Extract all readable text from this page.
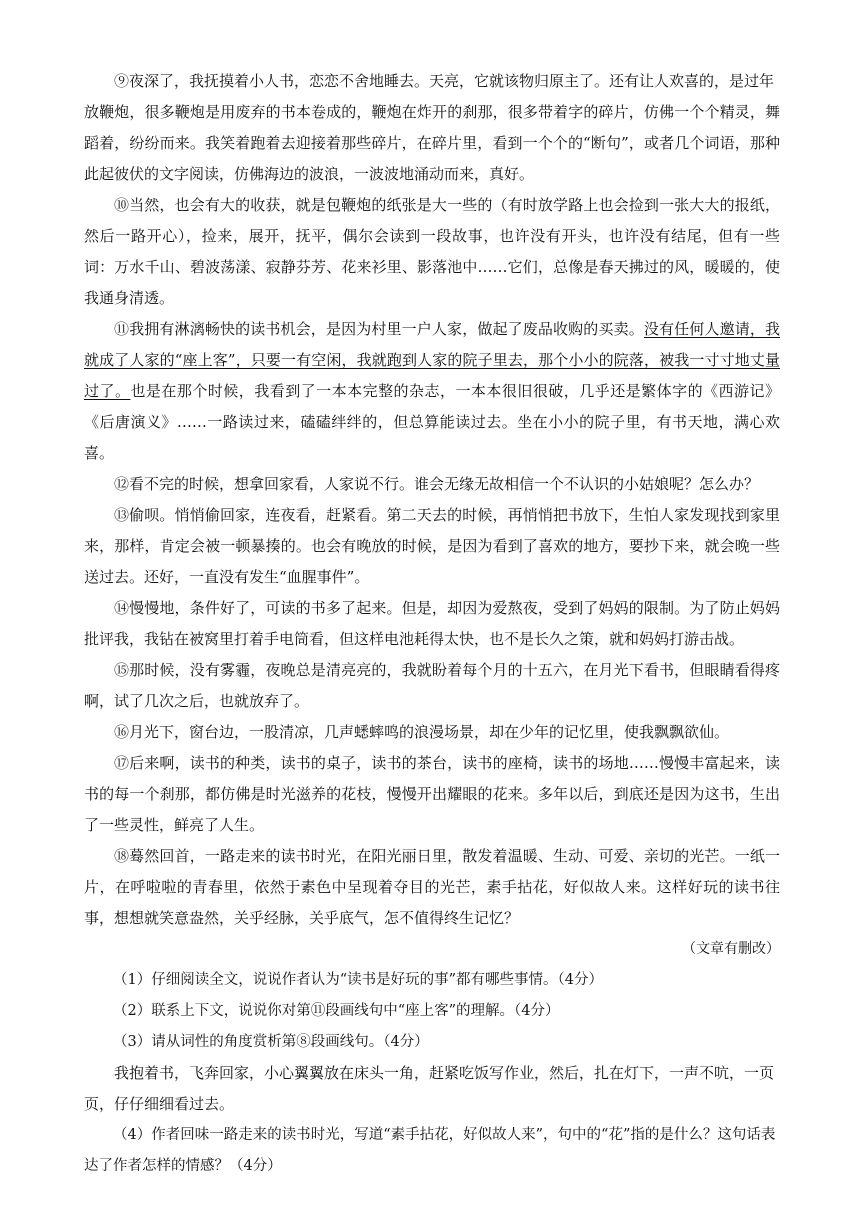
⑨夜深了，我抚摸着小人书，恋恋不舍地睡去。天亮，它就该物归原主了。还有让人欢喜的，是过年

放鞭炮，很多鞭炮是用废弃的书本卷成的，鞭炮在炸开的刹那，很多带着字的碎片，仿佛一个个精灵，舞蹈着，纷纷而来。我笑着跑着去迎接着那些碎片，在碎片里，看到一个个的“断句”，或者几个词语，那种此起彼伏的文字阅读，仿佛海边的波浪，一波波地涌动而来，真好。

⑩当然，也会有大的收获，就是包鞭炮的纸张是大一些的（有时放学路上也会捡到一张大大的报纸，然后一路开心），捡来，展开，抚平，偶尔会读到一段故事，也许没有开头，也许没有结尾，但有一些词：万水千山、碧波荡漾、寂静芬芳、花来衫里、影落池中……它们，总像是春天拂过的风，暖暖的，使我通身清透。

⑪我拥有淋漓畅快的读书机会，是因为村里一户人家，做起了废品收购的买卖。没有任何人邀请，我就成了人家的“座上客”，只要一有空闲，我就跑到人家的院子里去，那个小小的院落，被我一寸寸地丈量过了。也是在那个时候，我看到了一本本完整的杂志，一本本很旧很破，几乎还是繁体字的《西游记》《后唐演义》……一路读过来，磕磕绊绊的，但总算能读过去。坐在小小的院子里，有书天地，满心欢喜。

⑫看不完的时候，想拿回家看，人家说不行。谁会无缘无故相信一个不认识的小姑娘呢？怎么办？

⑬偷呗。悄悄偷回家，连夜看，赶紧看。第二天去的时候，再悄悄把书放下，生怕人家发现找到家里来，那样，肯定会被一顿暴揍的。也会有晚放的时候，是因为看到了喜欢的地方，要抄下来，就会晚一些送过去。还好，一直没有发生“血腥事件”。

⑭慢慢地，条件好了，可读的书多了起来。但是，却因为爱熬夜，受到了妈妈的限制。为了防止妈妈批评我，我钻在被窝里打着手电筒看，但这样电池耗得太快，也不是长久之策，就和妈妈打游击战。

⑮那时候，没有雾霾，夜晚总是清亮亮的，我就盼着每个月的十五六，在月光下看书，但眼睛看得疼啊，试了几次之后，也就放弃了。

⑯月光下，窗台边，一股清凉，几声蟋蟀鸣的浪漫场景，却在少年的记忆里，使我飘飘欲仙。

⑰后来啊，读书的种类，读书的桌子，读书的茶台，读书的座椅，读书的场地……慢慢丰富起来，读书的每一个刹那，都仿佛是时光滋养的花枝，慢慢开出耀眼的花来。多年以后，到底还是因为这书，生出了一些灵性，鲜亮了人生。

⑱蓦然回首，一路走来的读书时光，在阳光丽日里，散发着温暖、生动、可爱、亲切的光芒。一纸一片，在呼啦啦的青春里，依然于素色中呈现着夺目的光芒，素手拈花，好似故人来。这样好玩的读书往事，想想就笑意盎然，关乎经脉，关乎底气，怎不值得终生记忆？

（文章有删改）

（1）仔细阅读全文，说说作者认为“读书是好玩的事”都有哪些事情。（4分）

（2）联系上下文，说说你对第⑪段画线句中“座上客”的理解。（4分）

（3）请从词性的角度赏析第⑧段画线句。（4分）

我抱着书，飞奔回家，小心翼翼放在床头一角，赶紧吃饭写作业，然后，扎在灯下，一声不吭，一页页，仔仔细细看过去。

（4）作者回味一路走来的读书时光，写道“素手拈花，好似故人来”，句中的“花”指的是什么？这句话表达了作者怎样的情感？（4分）
